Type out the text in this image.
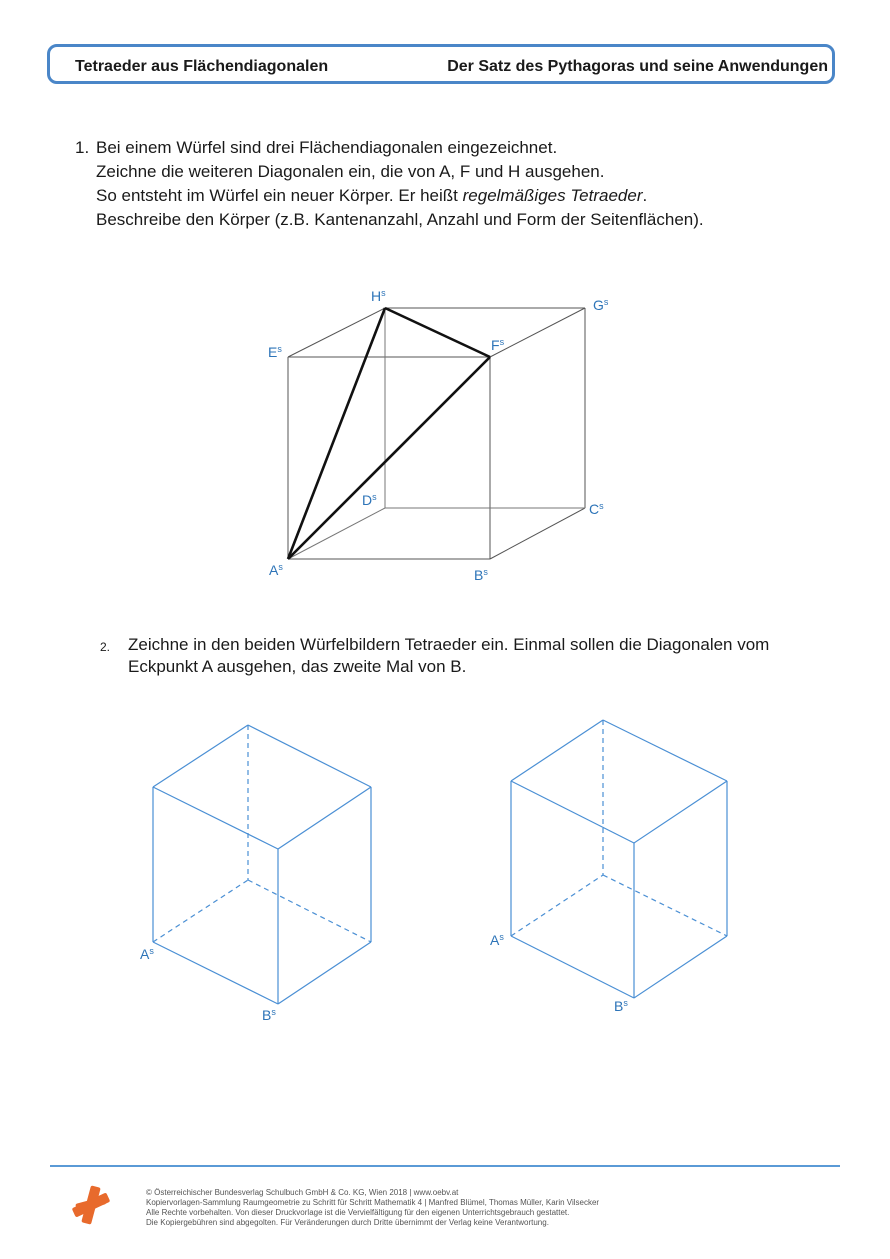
Tetraeder aus Flächendiagonalen	Der Satz des Pythagoras und seine Anwendungen
1. Bei einem Würfel sind drei Flächendiagonalen eingezeichnet.
Zeichne die weiteren Diagonalen ein, die von A, F und H ausgehen.
So entsteht im Würfel ein neuer Körper. Er heißt regelmäßiges Tetraeder.
Beschreibe den Körper (z.B. Kantenanzahl, Anzahl und Form der Seitenflächen).
2. Zeichne in den beiden Würfelbildern Tetraeder ein. Einmal sollen die Diagonalen vom Eckpunkt A ausgehen, das zweite Mal von B.
$A^s$	$B^s$
$C^s$
$D^s$
$E^s$	$F^s$
$G^s$
$H^s$
$A^s$
$B^s$
$A^s$
$B^s$
© Österreichischer Bundesverlag Schulbuch GmbH & Co. KG, Wien 2018 | www.oebv.at
Kopiervorlagen-Sammlung Raumgeometrie zu Schritt für Schritt Mathematik 4 | Manfred Blümel, Thomas Müller, Karin Vilsecker
Alle Rechte vorbehalten. Von dieser Druckvorlage ist die Vervielfältigung für den eigenen Unterrichtsgebrauch gestattet.
Die Kopiergebühren sind abgegolten. Für Veränderungen durch Dritte übernimmt der Verlag keine Verantwortung.
